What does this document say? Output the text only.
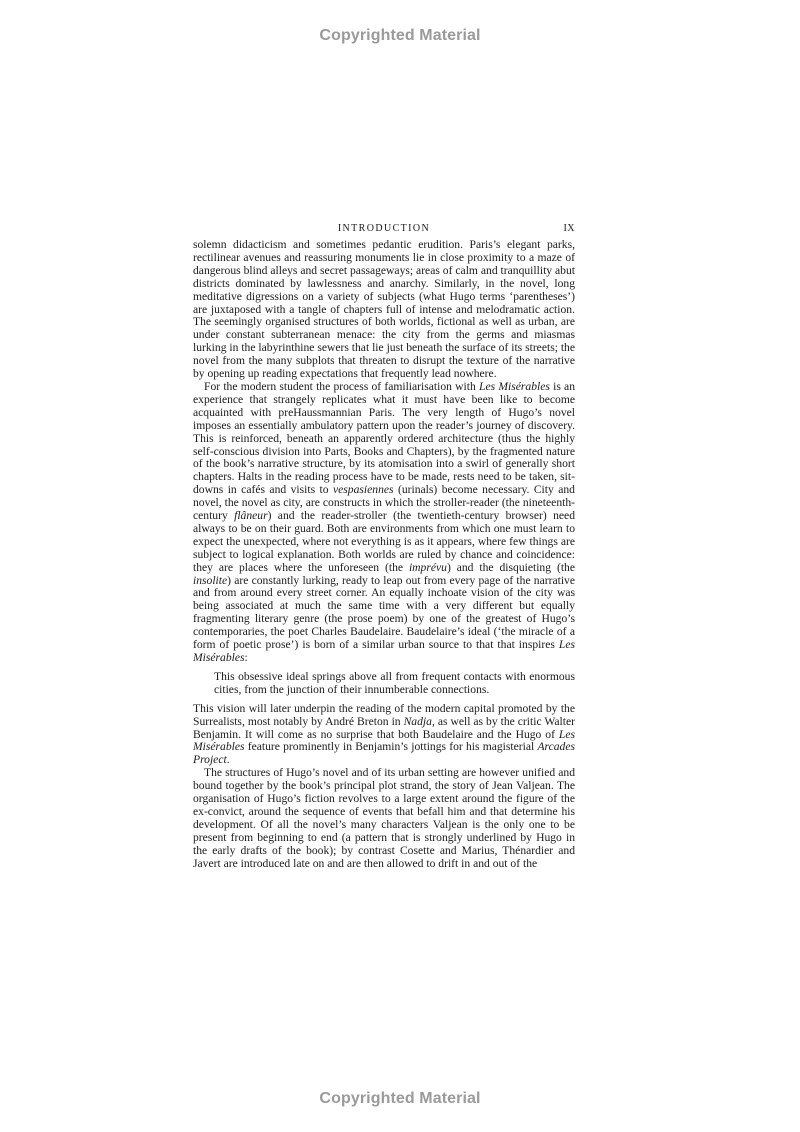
Copyrighted Material
INTRODUCTION	IX

solemn didacticism and sometimes pedantic erudition. Paris’s elegant parks, rectilinear avenues and reassuring monuments lie in close proximity to a maze of dangerous blind alleys and secret passageways; areas of calm and tranquillity abut districts dominated by lawlessness and anarchy. Similarly, in the novel, long meditative digressions on a variety of subjects (what Hugo terms ‘parentheses’) are juxtaposed with a tangle of chapters full of intense and melodramatic action. The seemingly organised structures of both worlds, fictional as well as urban, are under constant subterranean menace: the city from the germs and miasmas lurking in the labyrinthine sewers that lie just beneath the surface of its streets; the novel from the many subplots that threaten to disrupt the texture of the narrative by opening up reading expectations that frequently lead nowhere.

For the modern student the process of familiarisation with Les Misérables is an experience that strangely replicates what it must have been like to become acquainted with preHaussmannian Paris. The very length of Hugo’s novel imposes an essentially ambulatory pattern upon the reader’s journey of discovery. This is reinforced, beneath an apparently ordered architecture (thus the highly self-conscious division into Parts, Books and Chapters), by the fragmented nature of the book’s narrative structure, by its atomisation into a swirl of generally short chapters. Halts in the reading process have to be made, rests need to be taken, sitdowns in cafés and visits to vespasiennes (urinals) become necessary. City and novel, the novel as city, are constructs in which the stroller-reader (the nineteenth-century flâneur) and the reader-stroller (the twentieth-century browser) need always to be on their guard. Both are environments from which one must learn to expect the unexpected, where not everything is as it appears, where few things are subject to logical explanation. Both worlds are ruled by chance and coincidence: they are places where the unforeseen (the imprévu) and the disquieting (the insolite) are constantly lurking, ready to leap out from every page of the narrative and from around every street corner. An equally inchoate vision of the city was being associated at much the same time with a very different but equally fragmenting literary genre (the prose poem) by one of the greatest of Hugo’s contemporaries, the poet Charles Baudelaire. Baudelaire’s ideal (‘the miracle of a form of poetic prose’) is born of a similar urban source to that that inspires Les Misérables:

This obsessive ideal springs above all from frequent contacts with enormous cities, from the junction of their innumberable connections.

This vision will later underpin the reading of the modern capital promoted by the Surrealists, most notably by André Breton in Nadja, as well as by the critic Walter Benjamin. It will come as no surprise that both Baudelaire and the Hugo of Les Misérables feature prominently in Benjamin’s jottings for his magisterial Arcades Project.

The structures of Hugo’s novel and of its urban setting are however unified and bound together by the book’s principal plot strand, the story of Jean Valjean. The organisation of Hugo’s fiction revolves to a large extent around the figure of the ex-convict, around the sequence of events that befall him and that determine his development. Of all the novel’s many characters Valjean is the only one to be present from beginning to end (a pattern that is strongly underlined by Hugo in the early drafts of the book); by contrast Cosette and Marius, Thénardier and Javert are introduced late on and are then allowed to drift in and out of the

Copyrighted Material
